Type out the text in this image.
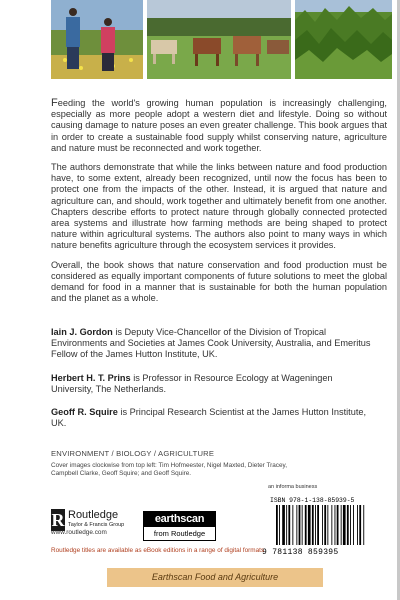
Feeding the world's growing human population is increasingly challenging, especially as more people adopt a western diet and lifestyle. Doing so without causing damage to nature poses an even greater challenge. This book argues that in order to create a sustainable food supply whilst conserving nature, agriculture and nature must be reconnected and work together.

The authors demonstrate that while the links between nature and food production have, to some extent, already been recognized, until now the focus has been to protect one from the impacts of the other. Instead, it is argued that nature and agriculture can, and should, work together and ultimately benefit from one another. Chapters describe efforts to protect nature through globally connected protected area systems and illustrate how farming methods are being shaped to protect nature within agricultural systems. The authors also point to many ways in which nature benefits agriculture through the ecosystem services it provides.

Overall, the book shows that nature conservation and food production must be considered as equally important components of future solutions to meet the global demand for food in a manner that is sustainable for both the human population and the planet as a whole.

Iain J. Gordon is Deputy Vice-Chancellor of the Division of Tropical Environments and Societies at James Cook University, Australia, and Emeritus Fellow of the James Hutton Institute, UK.

Herbert H. T. Prins is Professor in Resource Ecology at Wageningen University, The Netherlands.

Geoff R. Squire is Principal Research Scientist at the James Hutton Institute, UK.

ENVIRONMENT / BIOLOGY / AGRICULTURE
Cover images clockwise from top left: Tim Hofmeester, Nigel Maxted, Dieter Tracey, Campbell Clarke, Geoff Squire; and Geoff Squire.
R Routledge
Taylor & Francis Group
www.routledge.com
earthscan
from Routledge
an informa business
ISBN 978-1-138-85939-5
9 781138 859395
Routledge titles are available as eBook editions in a range of digital formats
Earthscan Food and Agriculture
